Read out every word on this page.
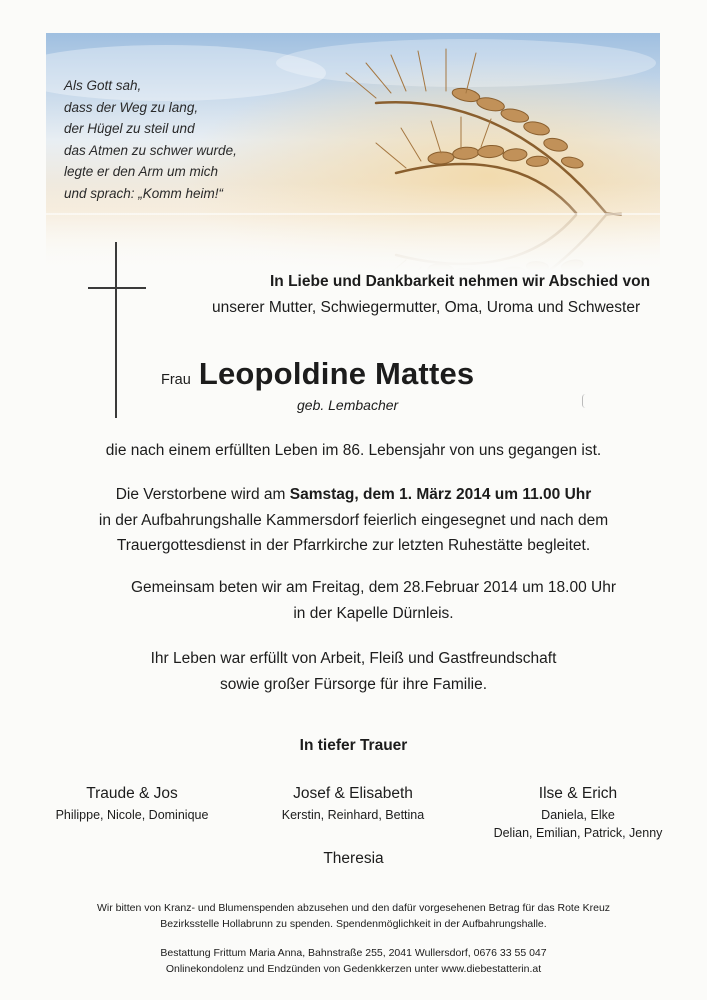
Als Gott sah,
dass der Weg zu lang,
der Hügel zu steil und
das Atmen zu schwer wurde,
legte er den Arm um mich
und sprach: „Komm heim!“
In Liebe und Dankbarkeit nehmen wir Abschied von
unserer Mutter, Schwiegermutter, Oma, Uroma und Schwester
Frau Leopoldine Mattes
geb. Lembacher
die nach einem erfüllten Leben im 86. Lebensjahr von uns gegangen ist.
Die Verstorbene wird am Samstag, dem 1. März 2014 um 11.00 Uhr
in der Aufbahrungshalle Kammersdorf feierlich eingesegnet und nach dem
Trauergottesdienst in der Pfarrkirche zur letzten Ruhestätte begleitet.
Gemeinsam beten wir am Freitag, dem 28.Februar 2014 um 18.00 Uhr
in der Kapelle Dürnleis.
Ihr Leben war erfüllt von Arbeit, Fleiß und Gastfreundschaft
sowie großer Fürsorge für ihre Familie.
In tiefer Trauer
Traude & Jos
Philippe, Nicole, Dominique
Josef & Elisabeth
Kerstin, Reinhard, Bettina
Ilse & Erich
Daniela, Elke
Delian, Emilian, Patrick, Jenny
Theresia
Wir bitten von Kranz- und Blumenspenden abzusehen und den dafür vorgesehenen Betrag für das Rote Kreuz
Bezirksstelle Hollabrunn zu spenden. Spendenmöglichkeit in der Aufbahrungshalle.
Bestattung Frittum Maria Anna, Bahnstraße 255, 2041 Wullersdorf, 0676 33 55 047
Onlinekondolenz und Endzünden von Gedenkkerzen unter www.diebestatterin.at
